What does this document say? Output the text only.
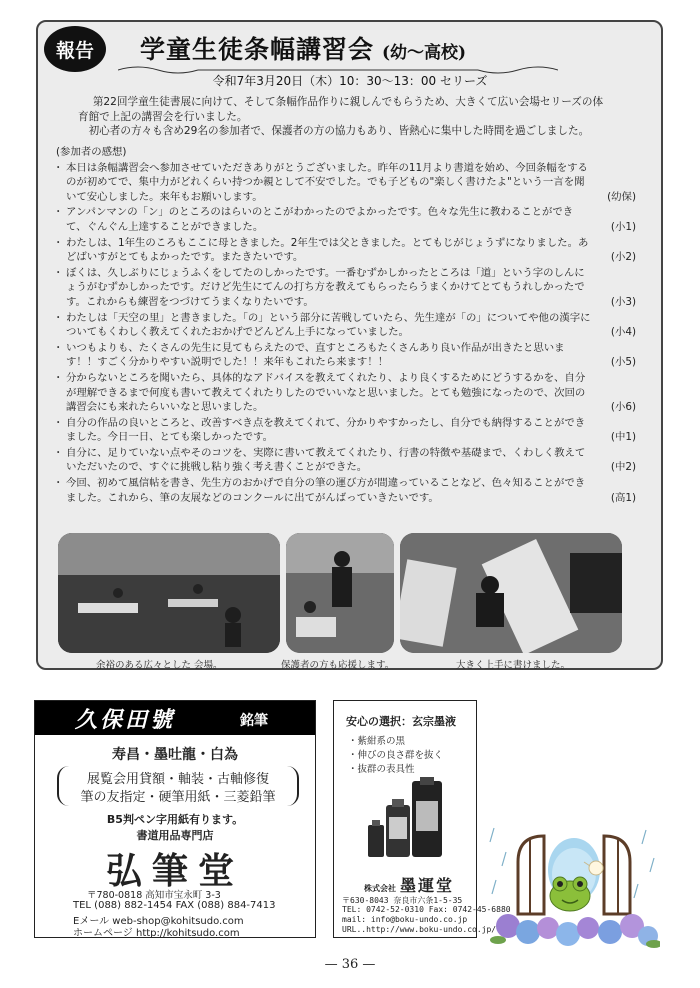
報告	学童生徒条幅講習会 (幼～高校)
令和7年3月20日（木）10：30～13：00 セリーズ

第22回学童生徒書展に向けて、そして条幅作品作りに親しんでもらうため、大きくて広い会場セリーズの体育館で上記の講習会を行いました。

初心者の方々も含め29名の参加者で、保護者の方の協力もあり、皆熱心に集中した時間を過ごしました。

(参加者の感想)

・ 本日は条幅講習会へ参加させていただきありがとうございました。昨年の11月より書道を始め、今回条幅をするのが初めてで、集中力がどれくらい持つか親として不安でした。でも子どもの"楽しく書けたよ"という一言を聞いて安心しました。来年もお願いします。	(幼保)
・ アンパンマンの「ン」のところのはらいのとこがわかったのでよかったです。色々な先生に教わることができて、ぐんぐん上達することができました。	(小1)
・ わたしは、1年生のころもここに母ときました。2年生では父ときました。とてもじがじょうずになりました。あどばいすがとてもよかったです。またきたいです。	(小2)
・ ぼくは、久しぶりにじょうふくをしてたのしかったです。一番むずかしかったところは「道」という字のしんにょうがむずかしかったです。だけど先生にてんの打ち方を教えてもらったらうまくかけてとてもうれしかったです。これからも練習をつづけてうまくなりたいです。	(小3)
・ わたしは「天空の里」と書きました。「の」という部分に苦戦していたら、先生達が「の」についてや他の漢字についてもくわしく教えてくれたおかげでどんどん上手になっていました。	(小4)
・ いつもよりも、たくさんの先生に見てもらえたので、直すところもたくさんあり良い作品が出きたと思います！！すごく分かりやすい説明でした！！来年もこれたら来ます！！	(小5)
・ 分からないところを聞いたら、具体的なアドバイスを教えてくれたり、より良くするためにどうするかを、自分が理解できるまで何度も書いて教えてくれたりしたのでいいなと思いました。とても勉強になったので、次回の講習会にも来れたらいいなと思いました。	(小6)
・ 自分の作品の良いところと、改善すべき点を教えてくれて、分かりやすかったし、自分でも納得することができました。今日一日、とても楽しかったです。	(中1)
・ 自分に、足りていない点やそのコツを、実際に書いて教えてくれたり、行書の特徴や基礎まで、くわしく教えていただいたので、すぐに挑戦し粘り強く考え書くことができた。	(中2)
・ 今回、初めて風信帖を書き、先生方のおかげで自分の筆の運び方が間違っていることなど、色々知ることができました。これから、筆の友展などのコンクールに出てがんばっていきたいです。	(高1)
余裕のある広々とした 会場。	保護者の方も応援します。	大きく上手に書けました。
久保田號	銘筆
寿昌・墨吐龍・白為
展覧会用貸額・軸装・古軸修復
筆の友指定・硬筆用紙・三菱鉛筆
B5判ペン字用紙有ります。
書道用品専門店
弘筆堂
〒780-0818 高知市宝永町 3-3
TEL (088) 882-1454 FAX (088) 884-7413
Eメール web-shop@kohitsudo.com
ホームページ http://kohitsudo.com
安心の選択：玄宗墨液
・紫紺系の黒
・伸びの良さ群を抜く
・抜群の表具性
株式会社 墨運堂
〒630-8043 奈良市六条1-5-35
TEL: 0742-52-0310 Fax: 0742-45-6880
mail: info@boku-undo.co.jp
URL..http://www.boku-undo.co.jp/
— 36 —
